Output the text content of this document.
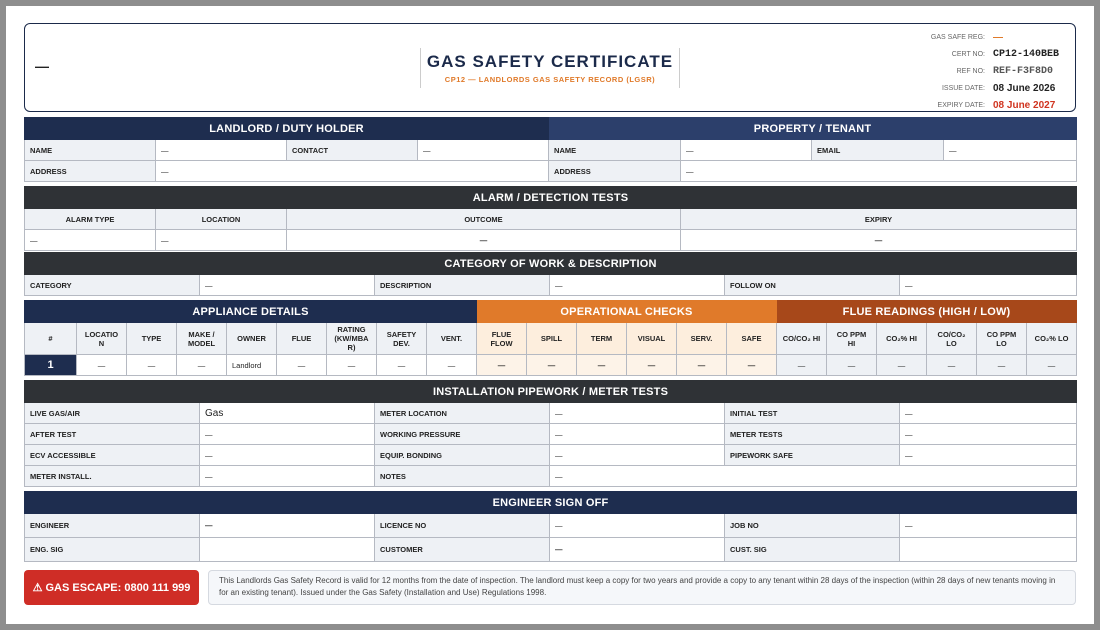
—	GAS SAFETY CERTIFICATE
CP12 — LANDLORDS GAS SAFETY RECORD (LGSR)
GAS SAFE REG: —
CERT NO: CP12-140BEB
REF NO: REF-F3F8D0
ISSUE DATE: 08 June 2026
EXPIRY DATE: 08 June 2027
LANDLORD / DUTY HOLDER				PROPERTY / TENANT			
NAME	—	CONTACT	—	NAME	—	EMAIL	—
ADDRESS	—			ADDRESS	—		
ALARM / DETECTION TESTS			
ALARM TYPE	LOCATION	OUTCOME	EXPIRY
—	—	—	—
CATEGORY OF WORK & DESCRIPTION
CATEGORY	—	DESCRIPTION	—	FOLLOW ON	—
APPLIANCE DETAILS									OPERATIONAL CHECKS						FLUE READINGS (HIGH / LOW)					
#	LOCATIO N	TYPE	MAKE / MODEL	OWNER	FLUE	RATING (KW/MBA R)	SAFETY DEV.	VENT.	FLUE FLOW	SPILL	TERM	VISUAL	SERV.	SAFE	CO/CO₂ HI	CO PPM HI	CO₂% HI	CO/CO₂ LO	CO PPM LO	CO₂% LO
1	—	—	—	Landlord	—	—	—	—	—	—	—	—	—	—	—	—	—	—	—	—
INSTALLATION PIPEWORK / METER TESTS					
LIVE GAS/AIR	Gas	METER LOCATION	—	INITIAL TEST	—
AFTER TEST	—	WORKING PRESSURE	—	METER TESTS	—
ECV ACCESSIBLE	—	EQUIP. BONDING	—	PIPEWORK SAFE	—
METER INSTALL.	—	NOTES	—		
ENGINEER SIGN OFF					
ENGINEER	—	LICENCE NO	—	JOB NO	—
ENG. SIG		CUSTOMER	—	CUST. SIG	
⚠ GAS ESCAPE: 0800 111 999
This Landlords Gas Safety Record is valid for 12 months from the date of inspection. The landlord must keep a copy for two years and provide a copy to any tenant within 28 days of the inspection (within 28 days of new tenants moving in for an existing tenant). Issued under the Gas Safety (Installation and Use) Regulations 1998.
